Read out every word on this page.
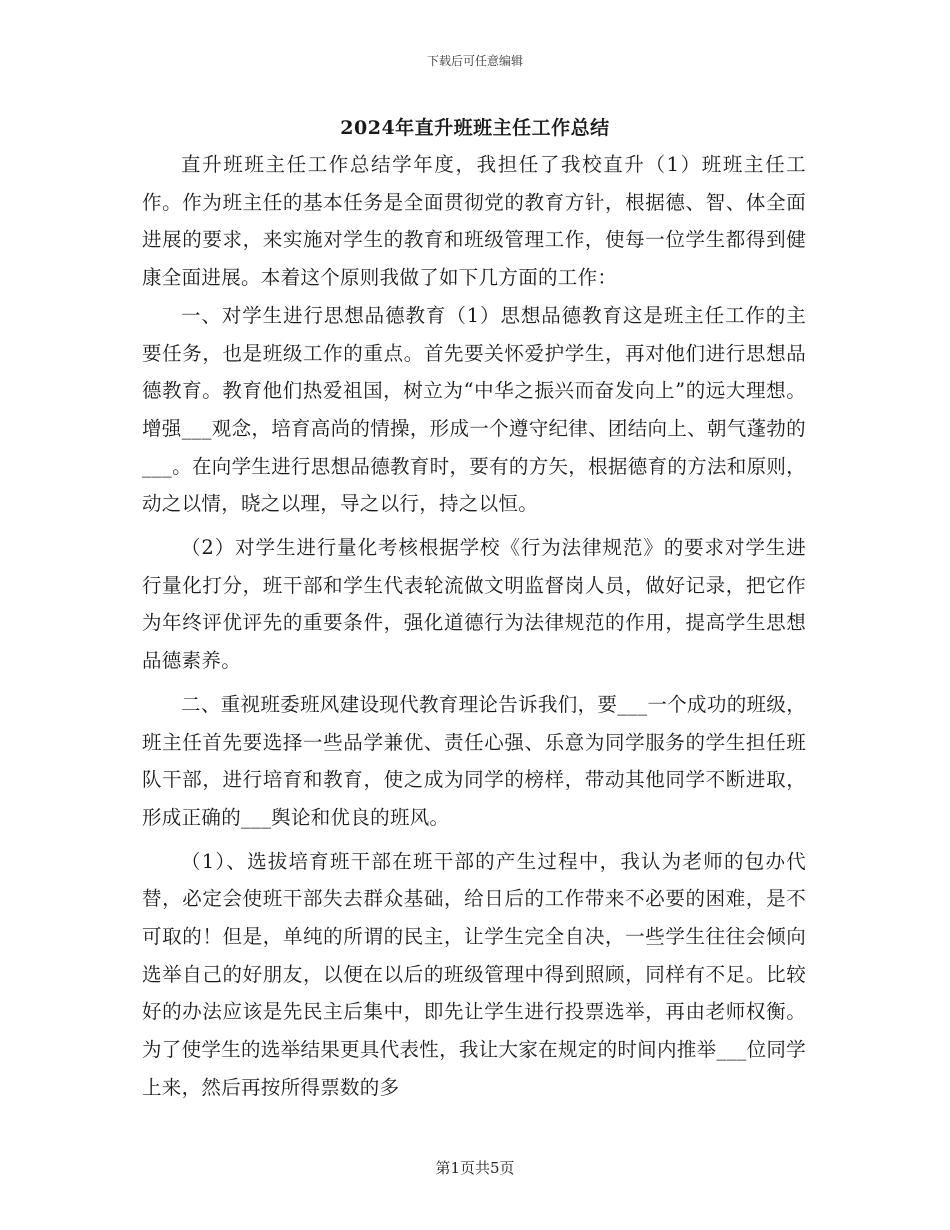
下载后可任意编辑
2024年直升班班主任工作总结

直升班班主任工作总结学年度，我担任了我校直升（1）班班主任工作。作为班主任的基本任务是全面贯彻党的教育方针，根据德、智、体全面进展的要求，来实施对学生的教育和班级管理工作，使每一位学生都得到健康全面进展。本着这个原则我做了如下几方面的工作：

一、对学生进行思想品德教育（1）思想品德教育这是班主任工作的主要任务，也是班级工作的重点。首先要关怀爱护学生，再对他们进行思想品德教育。教育他们热爱祖国，树立为“中华之振兴而奋发向上”的远大理想。增强___观念，培育高尚的情操，形成一个遵守纪律、团结向上、朝气蓬勃的___。在向学生进行思想品德教育时，要有的方矢，根据德育的方法和原则，动之以情，晓之以理，导之以行，持之以恒。

（2）对学生进行量化考核根据学校《行为法律规范》的要求对学生进行量化打分，班干部和学生代表轮流做文明监督岗人员，做好记录，把它作为年终评优评先的重要条件，强化道德行为法律规范的作用，提高学生思想品德素养。

二、重视班委班风建设现代教育理论告诉我们，要___一个成功的班级，班主任首先要选择一些品学兼优、责任心强、乐意为同学服务的学生担任班队干部，进行培育和教育，使之成为同学的榜样，带动其他同学不断进取，形成正确的___舆论和优良的班风。

（1）、选拔培育班干部在班干部的产生过程中，我认为老师的包办代替，必定会使班干部失去群众基础，给日后的工作带来不必要的困难，是不可取的！但是，单纯的所谓的民主，让学生完全自决，一些学生往往会倾向选举自己的好朋友，以便在以后的班级管理中得到照顾，同样有不足。比较好的办法应该是先民主后集中，即先让学生进行投票选举，再由老师权衡。为了使学生的选举结果更具代表性，我让大家在规定的时间内推举___位同学上来，然后再按所得票数的多

第1页共5页
